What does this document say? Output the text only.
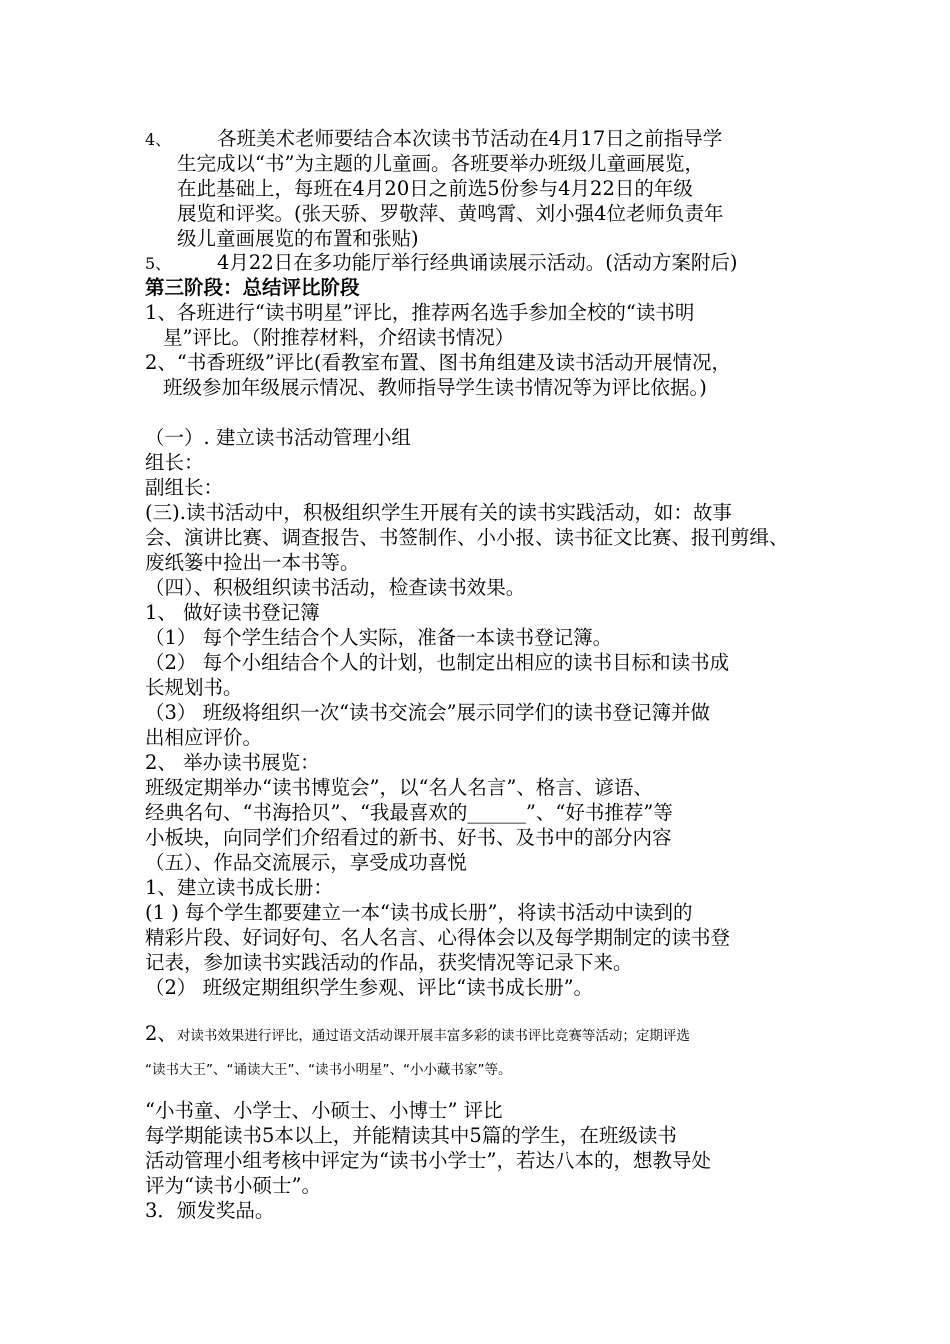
4、 各班美术老师要结合本次读书节活动在4月17日之前指导学
生完成以“书”为主题的儿童画。各班要举办班级儿童画展览，
在此基础上，每班在4月20日之前选5份参与4月22日的年级
展览和评奖。(张天骄、罗敬萍、黄鸣霄、刘小强4位老师负责年
级儿童画展览的布置和张贴)
5、 4月22日在多功能厅举行经典诵读展示活动。(活动方案附后)
第三阶段：总结评比阶段
1、各班进行“读书明星”评比，推荐两名选手参加全校的“读书明
星”评比。（附推荐材料，介绍读书情况）
2、“书香班级”评比(看教室布置、图书角组建及读书活动开展情况，
班级参加年级展示情况、教师指导学生读书情况等为评比依据。)
（一）. 建立读书活动管理小组
组长：
副组长：
(三).读书活动中，积极组织学生开展有关的读书实践活动，如：故事
会、演讲比赛、调查报告、书签制作、小小报、读书征文比赛、报刊剪缉、
废纸篓中捡出一本书等。
（四）、积极组织读书活动，检查读书效果。
1、 做好读书登记簿
（1） 每个学生结合个人实际，准备一本读书登记簿。
（2） 每个小组结合个人的计划，也制定出相应的读书目标和读书成
长规划书。
（3） 班级将组织一次“读书交流会”展示同学们的读书登记簿并做
出相应评价。
2、 举办读书展览：
班级定期举办“读书博览会”，以“名人名言”、格言、谚语、
经典名句、“书海拾贝”、“我最喜欢的______”、“好书推荐”等
小板块，向同学们介绍看过的新书、好书、及书中的部分内容
（五）、作品交流展示，享受成功喜悦
1、建立读书成长册：
(1 ) 每个学生都要建立一本“读书成长册”，将读书活动中读到的
精彩片段、好词好句、名人名言、心得体会以及每学期制定的读书登
记表，参加读书实践活动的作品，获奖情况等记录下来。
（2） 班级定期组织学生参观、评比“读书成长册”。
2、对读书效果进行评比，通过语文活动课开展丰富多彩的读书评比竞赛等活动；定期评选
“读书大王”、“诵读大王”、“读书小明星”、“小小藏书家”等。
“小书童、小学士、小硕士、小博士” 评比
每学期能读书5本以上，并能精读其中5篇的学生，在班级读书
活动管理小组考核中评定为“读书小学士”，若达八本的，想教导处
评为“读书小硕士”。
3．颁发奖品。
